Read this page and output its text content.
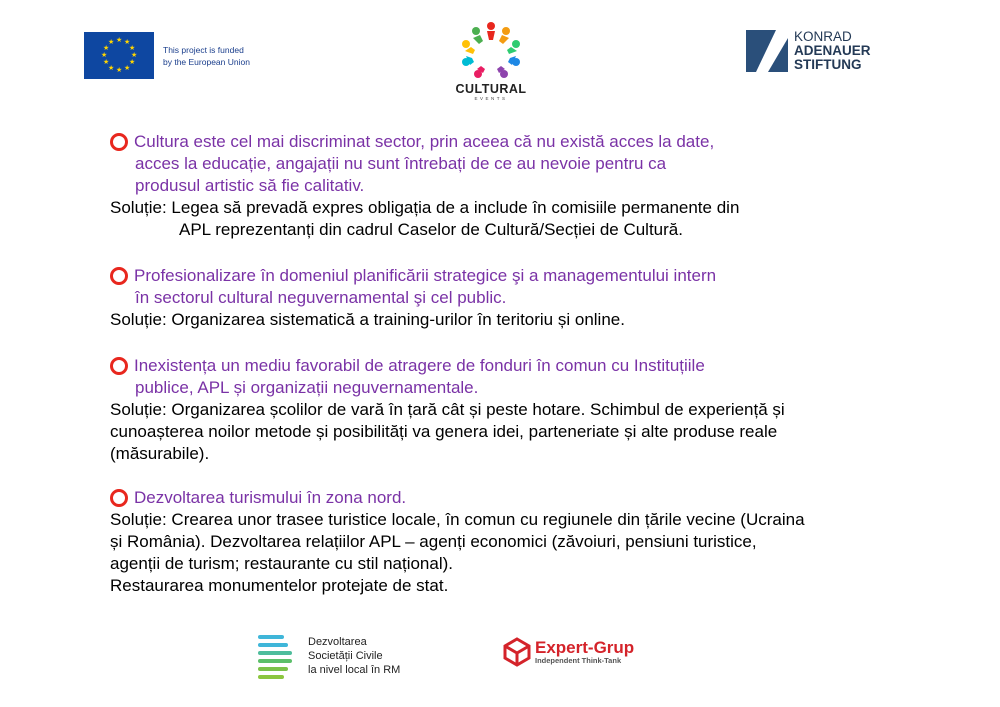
★ ★
★
★
★
★
★
★
★
★
★
★
This project is funded
by the European Union
CULTURAL
EVENTS
KONRAD
ADENAUER
STIFTUNG
Cultura este cel mai discriminat sector, prin aceea că nu există acces la date,
acces la educație, angajații nu sunt întrebați de ce au nevoie pentru ca
produsul artistic să fie calitativ.
Soluție: Legea să prevadă expres obligația de a include în comisiile permanente din
APL reprezentanți din cadrul Caselor de Cultură/Secției de Cultură.
Profesionalizare în domeniul planificării strategice şi a managementului intern
în sectorul cultural neguvernamental şi cel public.
Soluție: Organizarea sistematică a training-urilor în teritoriu și online.
Inexistența un mediu favorabil de atragere de fonduri în comun cu Instituțiile
publice, APL și organizații neguvernamentale.
Soluție: Organizarea școlilor de vară în țară cât și peste hotare. Schimbul de experiență și
cunoașterea noilor metode și posibilități va genera idei, parteneriate și alte produse reale
(măsurabile).
Dezvoltarea turismului în zona nord.
Soluție: Crearea unor trasee turistice locale, în comun cu regiunele din țările vecine (Ucraina
și România). Dezvoltarea relațiilor APL – agenți economici (zăvoiuri, pensiuni turistice,
agenții de turism; restaurante cu stil național).
Restaurarea monumentelor protejate de stat.
Dezvoltarea
Societății Civile
la nivel local în RM
Expert-Grup
Independent Think-Tank
